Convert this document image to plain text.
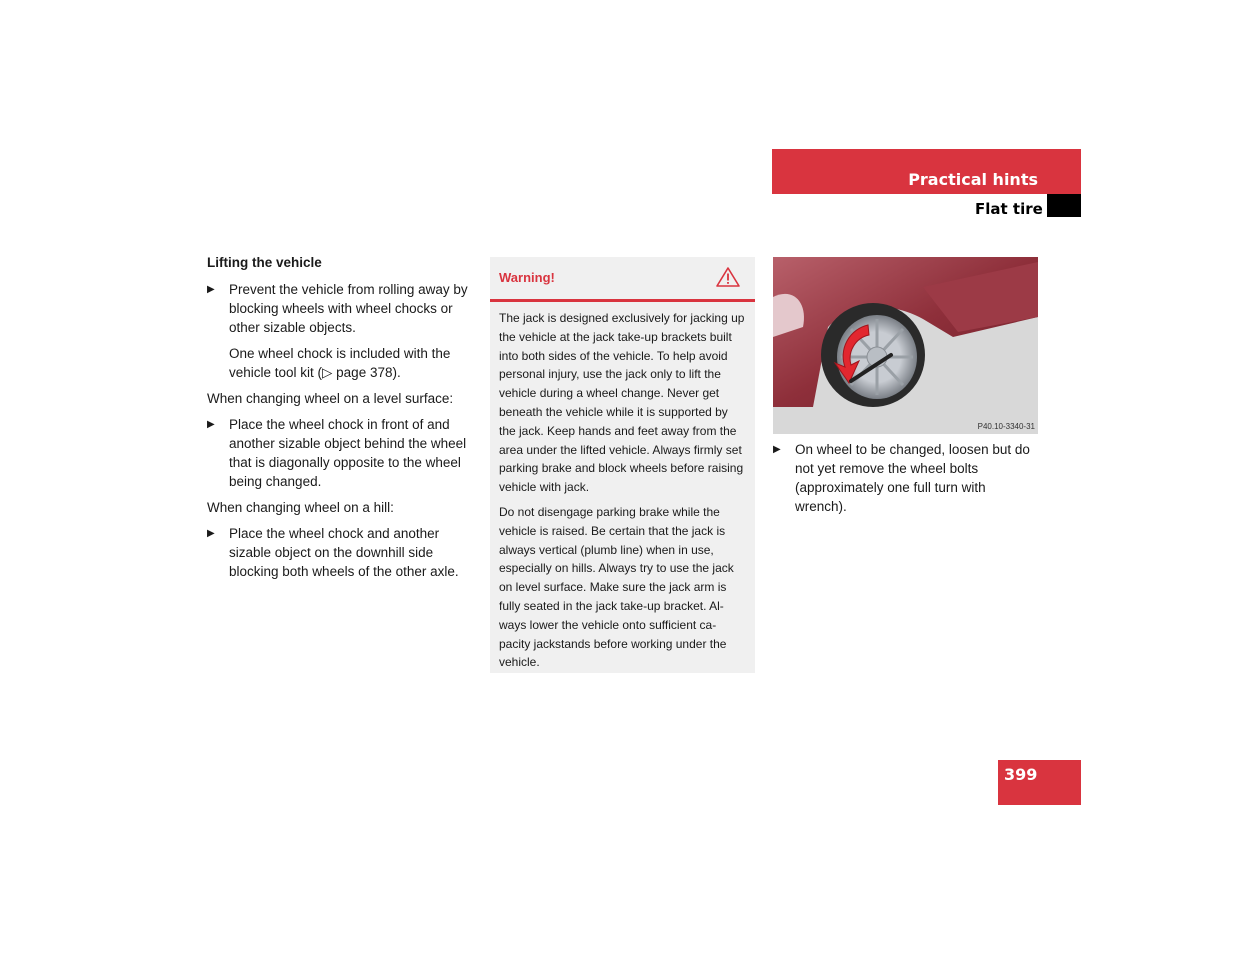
Practical hints
Flat tire
Lifting the vehicle
▶ Prevent the vehicle from rolling away by blocking wheels with wheel chocks or other sizable objects.
One wheel chock is included with the vehicle tool kit (▷ page 378).
When changing wheel on a level surface:
▶ Place the wheel chock in front of and another sizable object behind the wheel that is diagonally opposite to the wheel being changed.
When changing wheel on a hill:
▶ Place the wheel chock and another sizable object on the downhill side blocking both wheels of the other axle.
Warning!

The jack is designed exclusively for jacking up the vehicle at the jack take-up brackets built into both sides of the vehicle. To help avoid personal injury, use the jack only to lift the vehicle during a wheel change. Never get beneath the vehicle while it is supported by the jack. Keep hands and feet away from the area under the lifted vehicle. Always firmly set parking brake and block wheels before raising vehicle with jack.

Do not disengage parking brake while the vehicle is raised. Be certain that the jack is always vertical (plumb line) when in use, especially on hills. Always try to use the jack on level surface. Make sure the jack arm is fully seated in the jack take-up bracket. Al-ways lower the vehicle onto sufficient ca-pacity jackstands before working under the vehicle.

P40.10-3340-31
▶ On wheel to be changed, loosen but do not yet remove the wheel bolts (approximately one full turn with wrench).
399
